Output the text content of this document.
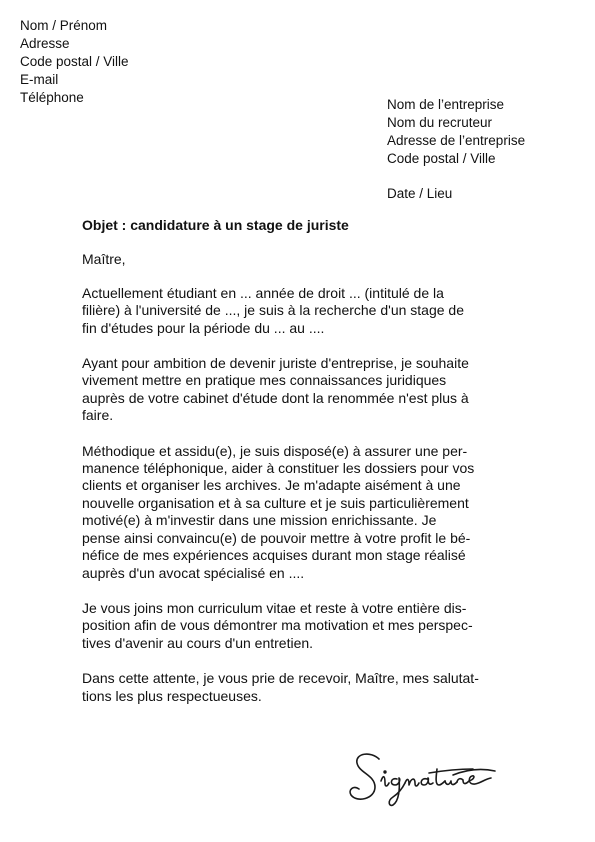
Nom / Prénom
Adresse
Code postal / Ville
E-mail
Téléphone	Nom de l’entreprise
Nom du recruteur
Adresse de l’entreprise
Code postal / Ville
Date / Lieu
Objet : candidature à un stage de juriste
Maître,
Actuellement étudiant en ... année de droit ... (intitulé de la
filière) à l'université de ..., je suis à la recherche d'un stage de
fin d'études pour la période du ... au ....
Ayant pour ambition de devenir juriste d'entreprise, je souhaite
vivement mettre en pratique mes connaissances juridiques
auprès de votre cabinet d'étude dont la renommée n'est plus à
faire.
Méthodique et assidu(e), je suis disposé(e) à assurer une per-
manence téléphonique, aider à constituer les dossiers pour vos
clients et organiser les archives. Je m'adapte aisément à une
nouvelle organisation et à sa culture et je suis particulièrement
motivé(e) à m'investir dans une mission enrichissante. Je
pense ainsi convaincu(e) de pouvoir mettre à votre profit le bé-
néfice de mes expériences acquises durant mon stage réalisé
auprès d'un avocat spécialisé en ....
Je vous joins mon curriculum vitae et reste à votre entière dis-
position afin de vous démontrer ma motivation et mes perspec-
tives d'avenir au cours d'un entretien.
Dans cette attente, je vous prie de recevoir, Maître, mes salutat-
tions les plus respectueuses.
